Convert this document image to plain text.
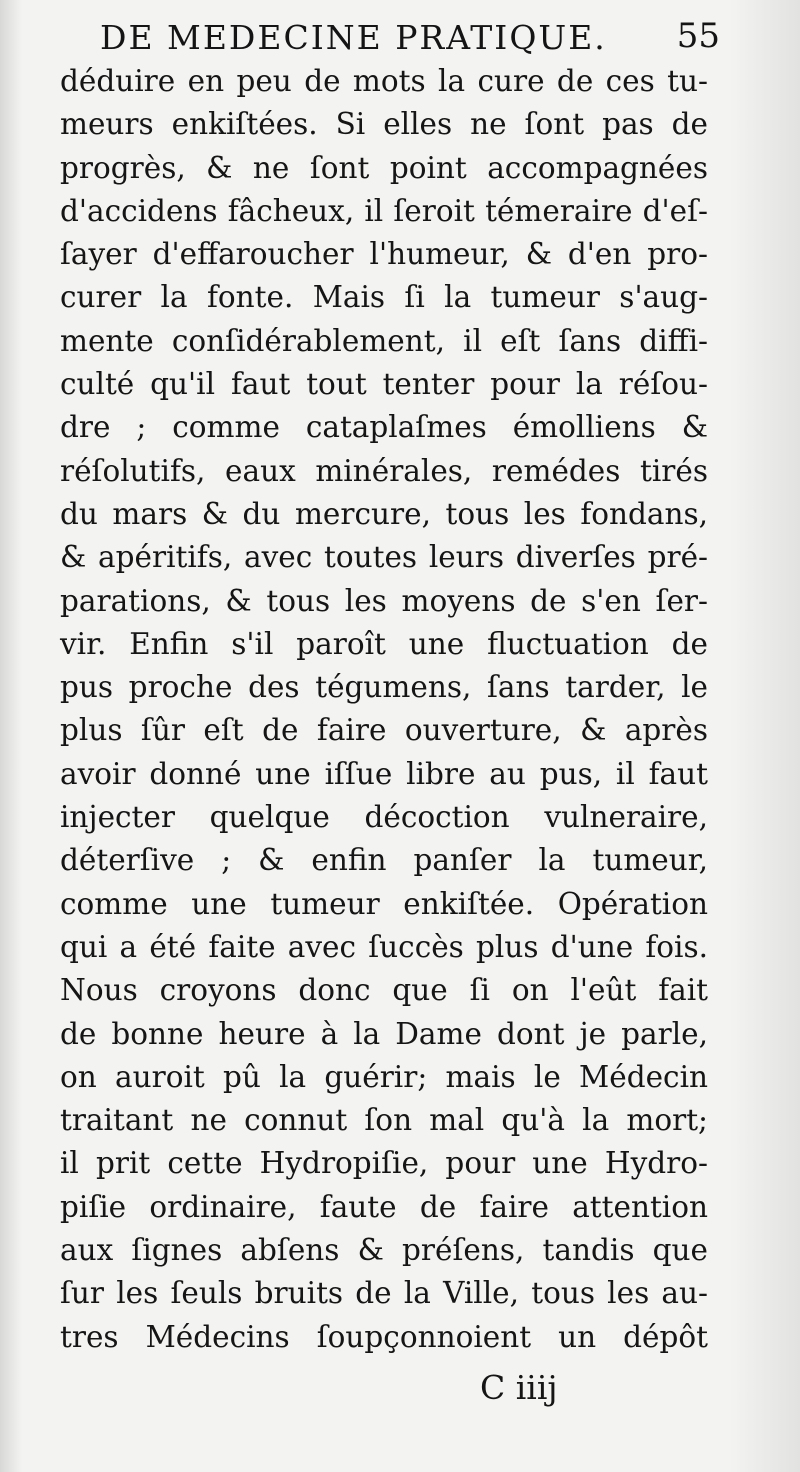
DE MEDECINE PRATIQUE. 55
déduire en peu de mots la cure de ces tu-
meurs enkiſtées. Si elles ne ſont pas de
progrès, & ne ſont point accompagnées
d'accidens fâcheux, il ſeroit témeraire d'eſ-
ſayer d'effaroucher l'humeur, & d'en pro-
curer la fonte. Mais ſi la tumeur s'aug-
mente conſidérablement, il eſt ſans diffi-
culté qu'il faut tout tenter pour la réſou-
dre ; comme cataplaſmes émolliens &
réſolutifs, eaux minérales, remédes tirés
du mars & du mercure, tous les fondans,
& apéritifs, avec toutes leurs diverſes pré-
parations, & tous les moyens de s'en ſer-
vir. Enfin s'il paroît une fluctuation de
pus proche des tégumens, ſans tarder, le
plus ſûr eſt de faire ouverture, & après
avoir donné une iſſue libre au pus, il faut
injecter quelque décoction vulneraire,
déterſive ; & enfin panſer la tumeur,
comme une tumeur enkiſtée. Opération
qui a été faite avec ſuccès plus d'une fois.
Nous croyons donc que ſi on l'eût fait
de bonne heure à la Dame dont je parle,
on auroit pû la guérir; mais le Médecin
traitant ne connut ſon mal qu'à la mort;
il prit cette Hydropiſie, pour une Hydro-
piſie ordinaire, faute de faire attention
aux ſignes abſens & préſens, tandis que
ſur les ſeuls bruits de la Ville, tous les au-
tres Médecins ſoupçonnoient un dépôt
C iiij
